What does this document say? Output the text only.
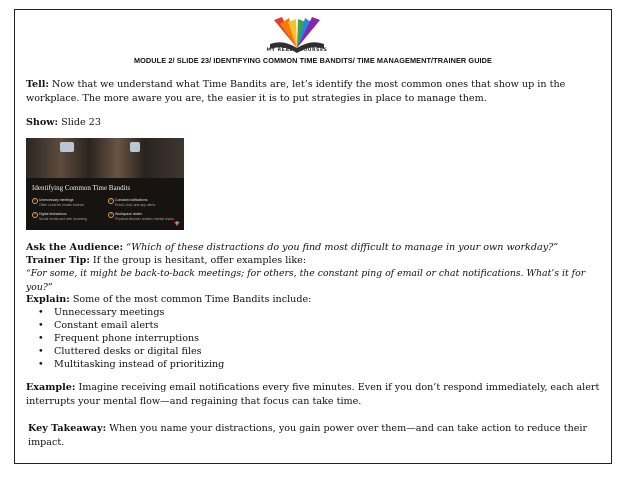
MY READY COURSES
MODULE 2/ SLIDE 23/ IDENTIFYING COMMON TIME BANDITS/ TIME MANAGEMENT/TRAINER GUIDE
Tell: Now that we understand what Time Bandits are, let’s identify the most common ones that show up in the workplace. The more aware you are, the easier it is to put strategies in place to manage them.
Show: Slide 23
Identifying Common Time Bandits
1 Unnecessary meetings
Often could be emails instead
2 Constant notifications
Email, chat, and app alerts
3 Digital distractions
Social media and web browsing
4 Workspace clutter
Physical disorder creates mental chaos
Ask the Audience: “Which of these distractions do you find most difficult to manage in your own workday?”
Trainer Tip: If the group is hesitant, offer examples like:
“For some, it might be back-to-back meetings; for others, the constant ping of email or chat notifications. What’s it for you?”
Explain: Some of the most common Time Bandits include:
• Unnecessary meetings
• Constant email alerts
• Frequent phone interruptions
• Cluttered desks or digital files
• Multitasking instead of prioritizing
Example: Imagine receiving email notifications every five minutes. Even if you don’t respond immediately, each alert interrupts your mental flow—and regaining that focus can take time.
Key Takeaway: When you name your distractions, you gain power over them—and can take action to reduce their impact.
